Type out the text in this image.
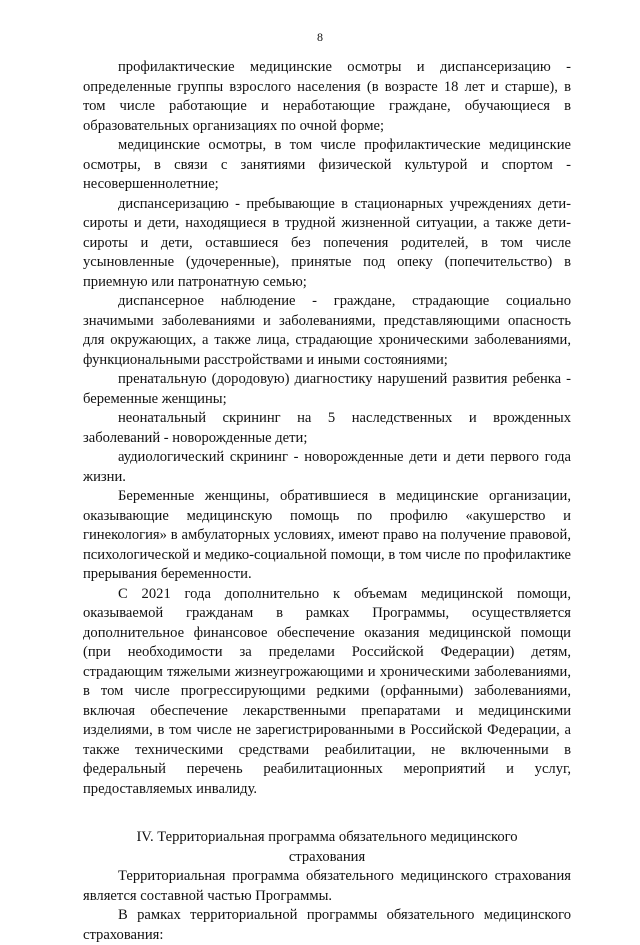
8

профилактические медицинские осмотры и диспансеризацию - определенные группы взрослого населения (в возрасте 18 лет и старше), в том числе работающие и неработающие граждане, обучающиеся в образовательных организациях по очной форме;

медицинские осмотры, в том числе профилактические медицинские осмотры, в связи с занятиями физической культурой и спортом - несовершеннолетние;

диспансеризацию - пребывающие в стационарных учреждениях дети-сироты и дети, находящиеся в трудной жизненной ситуации, а также дети-сироты и дети, оставшиеся без попечения родителей, в том числе усыновленные (удочеренные), принятые под опеку (попечительство) в приемную или патронатную семью;

диспансерное наблюдение - граждане, страдающие социально значимыми заболеваниями и заболеваниями, представляющими опасность для окружающих, а также лица, страдающие хроническими заболеваниями, функциональными расстройствами и иными состояниями;

пренатальную (дородовую) диагностику нарушений развития ребенка - беременные женщины;

неонатальный скрининг на 5 наследственных и врожденных заболеваний - новорожденные дети;

аудиологический скрининг - новорожденные дети и дети первого года жизни.

Беременные женщины, обратившиеся в медицинские организации, оказывающие медицинскую помощь по профилю «акушерство и гинекология» в амбулаторных условиях, имеют право на получение правовой, психологической и медико-социальной помощи, в том числе по профилактике прерывания беременности.

С 2021 года дополнительно к объемам медицинской помощи, оказываемой гражданам в рамках Программы, осуществляется дополнительное финансовое обеспечение оказания медицинской помощи (при необходимости за пределами Российской Федерации) детям, страдающим тяжелыми жизнеугрожающими и хроническими заболеваниями, в том числе прогрессирующими редкими (орфанными) заболеваниями, включая обеспечение лекарственными препаратами и медицинскими изделиями, в том числе не зарегистрированными в Российской Федерации, а также техническими средствами реабилитации, не включенными в федеральный перечень реабилитационных мероприятий и услуг, предоставляемых инвалиду.

IV. Территориальная программа обязательного медицинского страхования

Территориальная программа обязательного медицинского страхования является составной частью Программы.

В рамках территориальной программы обязательного медицинского страхования:
